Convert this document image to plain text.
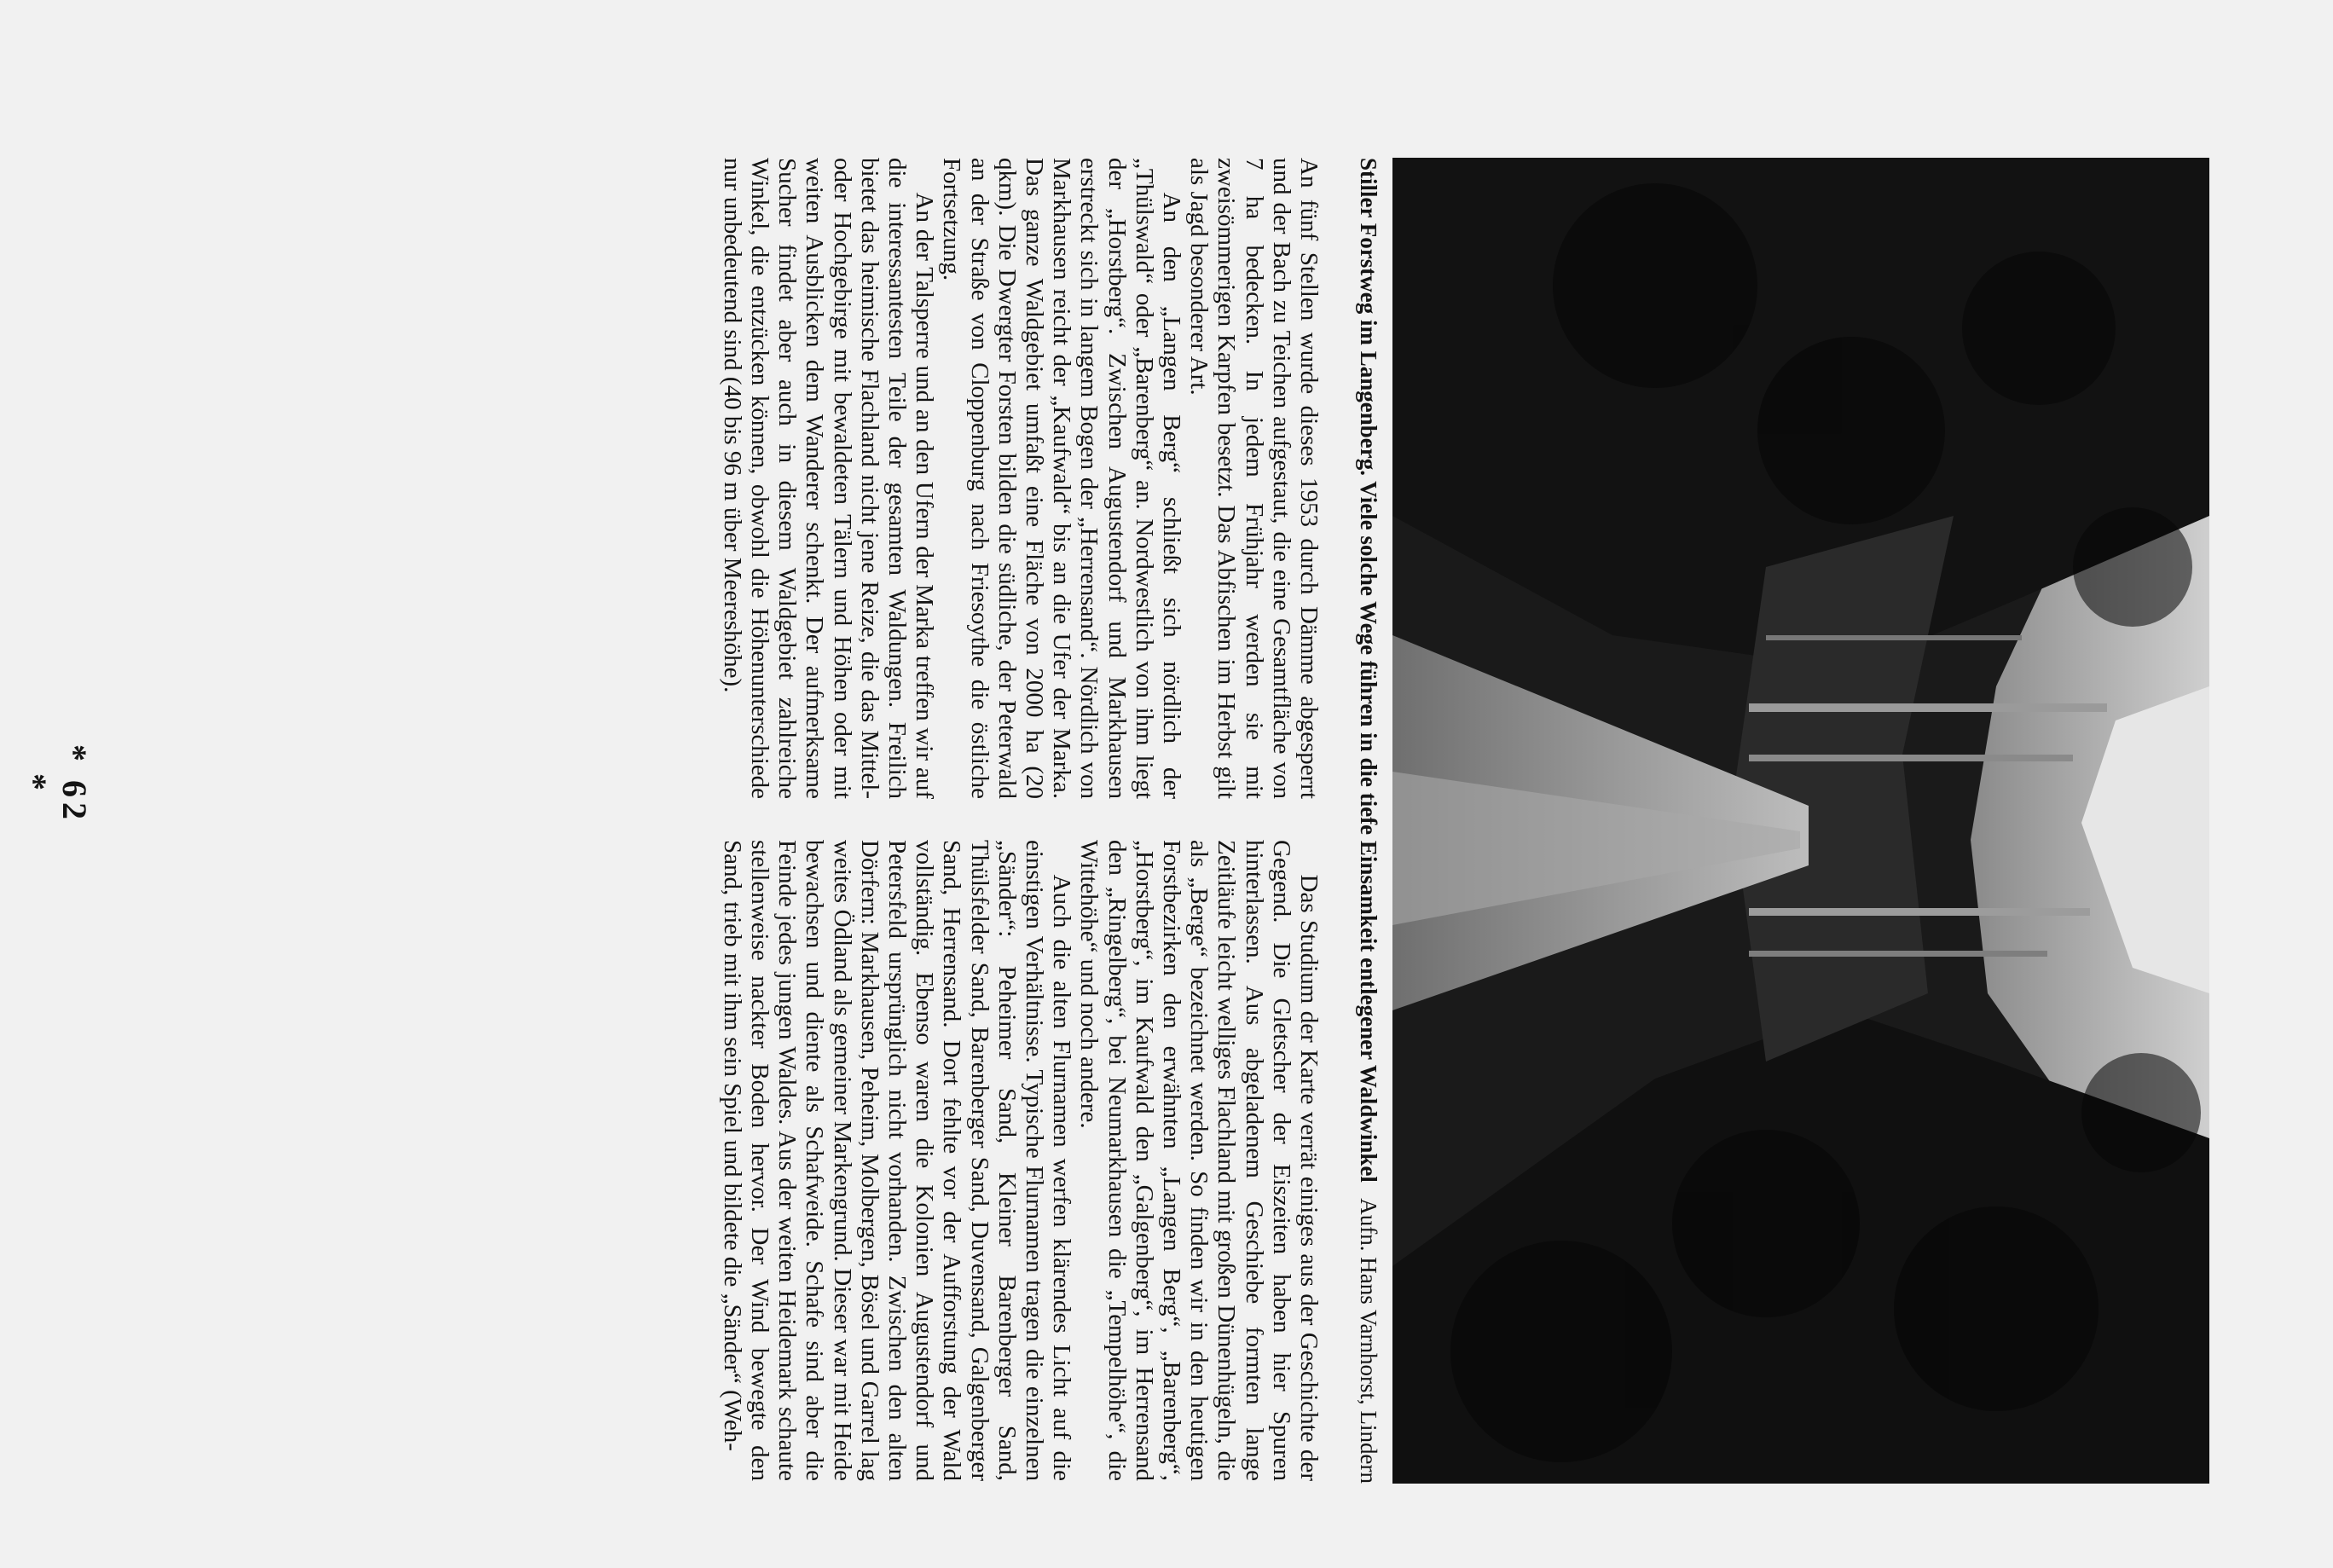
Aufn. Hans Varnhorst, Lindern
Stiller Forstweg im Langenberg. Viele solche Wege führen in die tiefe Einsamkeit entlegener Waldwinkel

An fünf Stellen wurde dieses 1953 durch Dämme abgesperrt und der Bach zu Teichen aufgestaut, die eine Gesamtfläche von 7 ha bedecken. In jedem Frühjahr werden sie mit zweisömmerigen Karpfen besetzt. Das Abfischen im Herbst gilt als Jagd besonderer Art.

An den „Langen Berg“ schließt sich nördlich der „Thülswald“ oder „Barenberg“ an. Nordwestlich von ihm liegt der „Horstberg“. Zwischen Augustendorf und Markhausen erstreckt sich in langem Bogen der „Herrensand“. Nördlich von Markhausen reicht der „Kaufwald“ bis an die Ufer der Marka. Das ganze Waldgebiet umfaßt eine Fläche von 2000 ha (20 qkm). Die Dwergter Forsten bilden die südliche, der Peterwald an der Straße von Cloppenburg nach Friesoythe die östliche Fortsetzung.

An der Talsperre und an den Ufern der Marka treffen wir auf die interessantesten Teile der gesamten Waldungen. Freilich bietet das heimische Flachland nicht jene Reize, die das Mittel- oder Hochgebirge mit bewaldeten Tälern und Höhen oder mit weiten Ausblicken dem Wanderer schenkt. Der aufmerksame Sucher findet aber auch in diesem Waldgebiet zahlreiche Winkel, die entzücken können, obwohl die Höhenunterschiede nur unbedeutend sind (40 bis 96 m über Meereshöhe).

Das Studium der Karte verrät einiges aus der Geschichte der Gegend. Die Gletscher der Eiszeiten haben hier Spuren hinterlassen. Aus abgeladenem Geschiebe formten lange Zeitläufe leicht welliges Flachland mit großen Dünenhügeln, die als „Berge“ bezeichnet werden. So finden wir in den heutigen Forstbezirken den erwähnten „Langen Berg“, „Barenberg“, „Horstberg“, im Kaufwald den „Galgenberg“, im Herrensand den „Ringelberg“, bei Neumarkhausen die „Tempelhöhe“, die Wittehöhe“ und noch andere.

Auch die alten Flurnamen werfen klärendes Licht auf die einstigen Verhältnisse. Typische Flurnamen tragen die einzelnen „Sänder“: Peheimer Sand, Kleiner Barenberger Sand, Thülsfelder Sand, Barenberger Sand, Duvensand, Galgenberger Sand, Herrensand. Dort fehlte vor der Aufforstung der Wald vollständig. Ebenso waren die Kolonien Augustendorf und Petersfeld ursprünglich nicht vorhanden. Zwischen den alten Dörfern: Markhausen, Peheim, Molbergen, Bösel und Garrel lag weites Ödland als gemeiner Markengrund. Dieser war mit Heide bewachsen und diente als Schafweide. Schafe sind aber die Feinde jedes jungen Waldes. Aus der weiten Heidemark schaute stellenweise nackter Boden hervor. Der Wind bewegte den Sand, trieb mit ihm sein Spiel und bildete die „Sänder“ (Weh-

* 62 *
